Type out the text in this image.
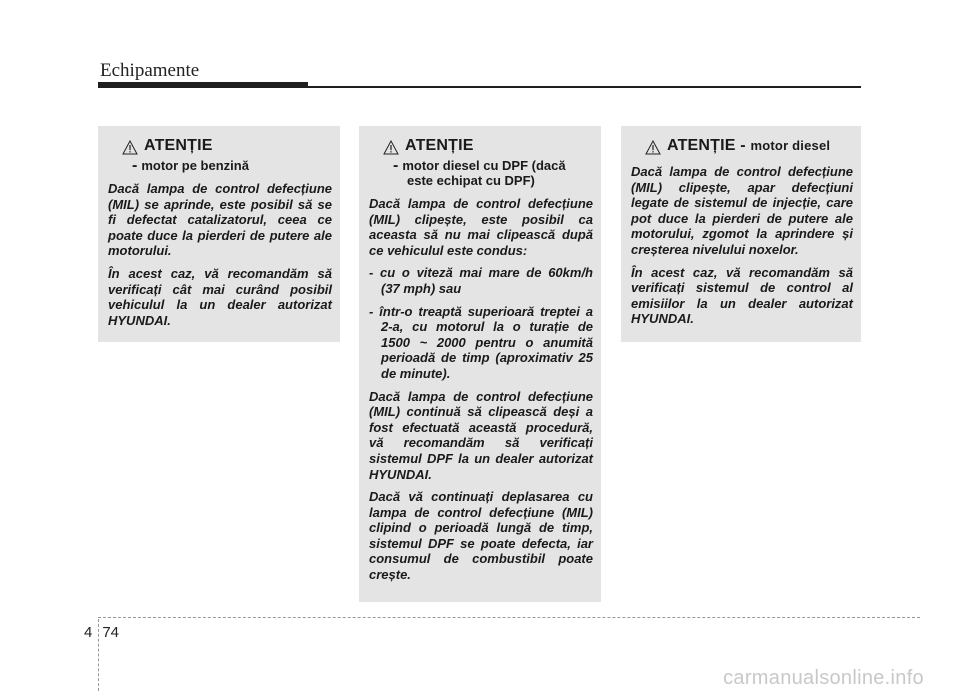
Echipamente
ATENȚIE
- motor pe benzină

Dacă lampa de control defecțiune (MIL) se aprinde, este posibil să se fi defectat catalizatorul, ceea ce poate duce la pierderi de putere ale motorului.

În acest caz, vă recomandăm să verificați cât mai curând posibil vehiculul la un dealer autorizat HYUNDAI.

ATENȚIE
- motor diesel cu DPF (dacă
este echipat cu DPF)

Dacă lampa de control defecțiune (MIL) clipește, este posibil ca aceasta să nu mai clipească după ce vehiculul este condus:

- cu o viteză mai mare de 60km/h (37 mph) sau

- într-o treaptă superioară treptei a 2-a, cu motorul la o turație de 1500 ~ 2000 pentru o anumită perioadă de timp (aproximativ 25 de minute).

Dacă lampa de control defecțiune (MIL) continuă să clipească deși a fost efectuată această procedură, vă recomandăm să verificați sistemul DPF la un dealer autorizat HYUNDAI.

Dacă vă continuați deplasarea cu lampa de control defecțiune (MIL) clipind o perioadă lungă de timp, sistemul DPF se poate defecta, iar consumul de combustibil poate crește.

ATENȚIE - motor diesel

Dacă lampa de control defecțiune (MIL) clipește, apar defecțiuni legate de sistemul de injecție, care pot duce la pierderi de putere ale motorului, zgomot la aprindere și creșterea nivelului noxelor.

În acest caz, vă recomandăm să verificați sistemul de control al emisiilor la un dealer autorizat HYUNDAI.

4 74
carmanualsonline.info
